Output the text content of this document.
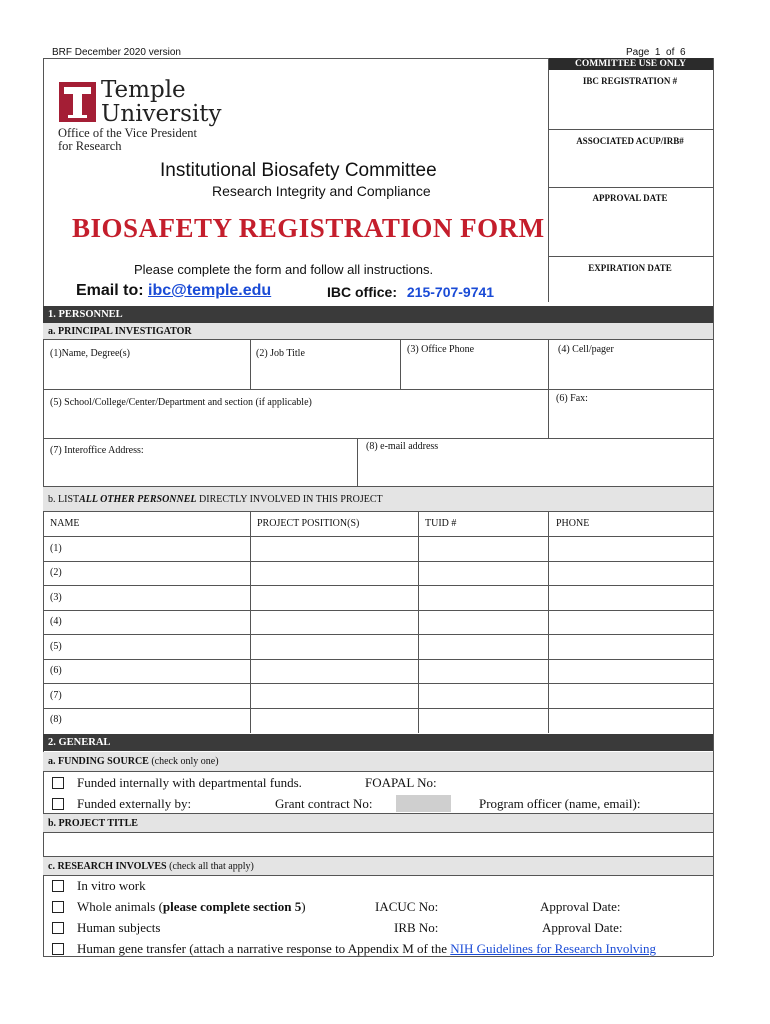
BRF December 2020 version	Page 1 of 6
Temple
University
Office of the Vice President
for Research
COMMITTEE USE ONLY
IBC REGISTRATION #
ASSOCIATED ACUP/IRB#
APPROVAL DATE
EXPIRATION DATE
Institutional Biosafety Committee
Research Integrity and Compliance
BIOSAFETY REGISTRATION FORM
Please complete the form and follow all instructions.
Email to: ibc@temple.edu	IBC office: 215-707-9741
1. PERSONNEL
a. PRINCIPAL INVESTIGATOR
(1)Name, Degree(s)	(2) Job Title	(3) Office Phone	(4) Cell/pager
(5) School/College/Center/Department and section (if applicable)	(6) Fax:
(7) Interoffice Address:	(8) e-mail address
b. LIST ALL OTHER PERSONNEL DIRECTLY INVOLVED IN THIS PROJECT
NAME	PROJECT POSITION(S)	TUID #	PHONE
(1)
(2)
(3)
(4)
(5)
(6)
(7)
(8)
2. GENERAL
a. FUNDING SOURCE (check only one)
Funded internally with departmental funds.	FOAPAL No:
Funded externally by:	Grant contract No:	Program officer (name, email):
b. PROJECT TITLE
c. RESEARCH INVOLVES (check all that apply)
In vitro work
Whole animals (please complete section 5)	IACUC No:	Approval Date:
Human subjects	IRB No:	Approval Date:
Human gene transfer (attach a narrative response to Appendix M of the NIH Guidelines for Research Involving
